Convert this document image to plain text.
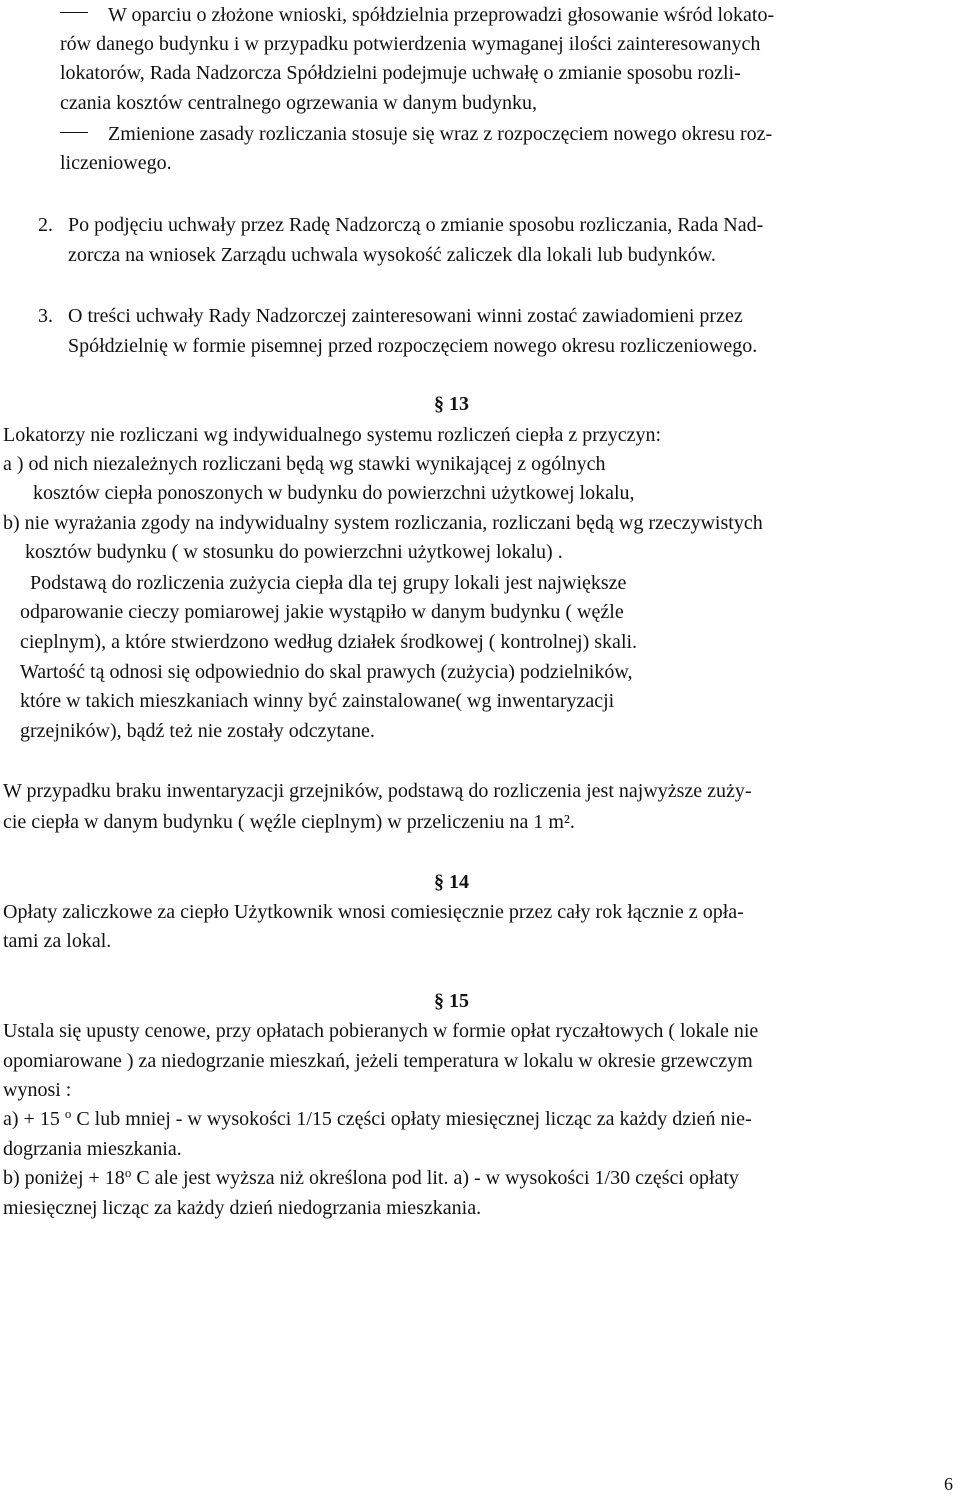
W oparciu o złożone wnioski, spółdzielnia przeprowadzi głosowanie wśród lokato-

rów danego budynku i w przypadku potwierdzenia wymaganej ilości zainteresowanych

lokatorów, Rada Nadzorcza Spółdzielni podejmuje uchwałę o zmianie sposobu rozli-

czania kosztów centralnego ogrzewania w danym budynku,

Zmienione zasady rozliczania stosuje się wraz z rozpoczęciem nowego okresu roz-

liczeniowego.

2. Po podjęciu uchwały przez Radę Nadzorczą o zmianie sposobu rozliczania, Rada Nad-

zorcza na wniosek Zarządu uchwala wysokość zaliczek dla lokali lub budynków.

3. O treści uchwały Rady Nadzorczej zainteresowani winni zostać zawiadomieni przez

Spółdzielnię w formie pisemnej przed rozpoczęciem nowego okresu rozliczeniowego.

§ 13

Lokatorzy nie rozliczani wg indywidualnego systemu rozliczeń ciepła z przyczyn:

a ) od nich niezależnych rozliczani będą wg stawki wynikającej z ogólnych

kosztów ciepła ponoszonych w budynku do powierzchni użytkowej lokalu,

b) nie wyrażania zgody na indywidualny system rozliczania, rozliczani będą wg rzeczywistych

kosztów budynku ( w stosunku do powierzchni użytkowej lokalu) .

Podstawą do rozliczenia zużycia ciepła dla tej grupy lokali jest największe

odparowanie cieczy pomiarowej jakie wystąpiło w danym budynku ( węźle

cieplnym), a które stwierdzono według działek środkowej ( kontrolnej) skali.

Wartość tą odnosi się odpowiednio do skal prawych (zużycia) podzielników,

które w takich mieszkaniach winny być zainstalowane( wg inwentaryzacji

grzejników), bądź też nie zostały odczytane.

W przypadku braku inwentaryzacji grzejników, podstawą do rozliczenia jest najwyższe zuży-

cie ciepła w danym budynku ( węźle cieplnym) w przeliczeniu na 1 m².

§ 14

Opłaty zaliczkowe za ciepło Użytkownik wnosi comiesięcznie przez cały rok łącznie z opła-

tami za lokal.

§ 15

Ustala się upusty cenowe, przy opłatach pobieranych w formie opłat ryczałtowych ( lokale nie

opomiarowane ) za niedogrzanie mieszkań, jeżeli temperatura w lokalu w okresie grzewczym

wynosi :

a) + 15 $^o$ C lub mniej - w wysokości 1/15 części opłaty miesięcznej licząc za każdy dzień nie-

dogrzania mieszkania.

b) poniżej + $18^o$ C ale jest wyższa niż określona pod lit. a) - w wysokości 1/30 części opłaty

miesięcznej licząc za każdy dzień niedogrzania mieszkania.

6
